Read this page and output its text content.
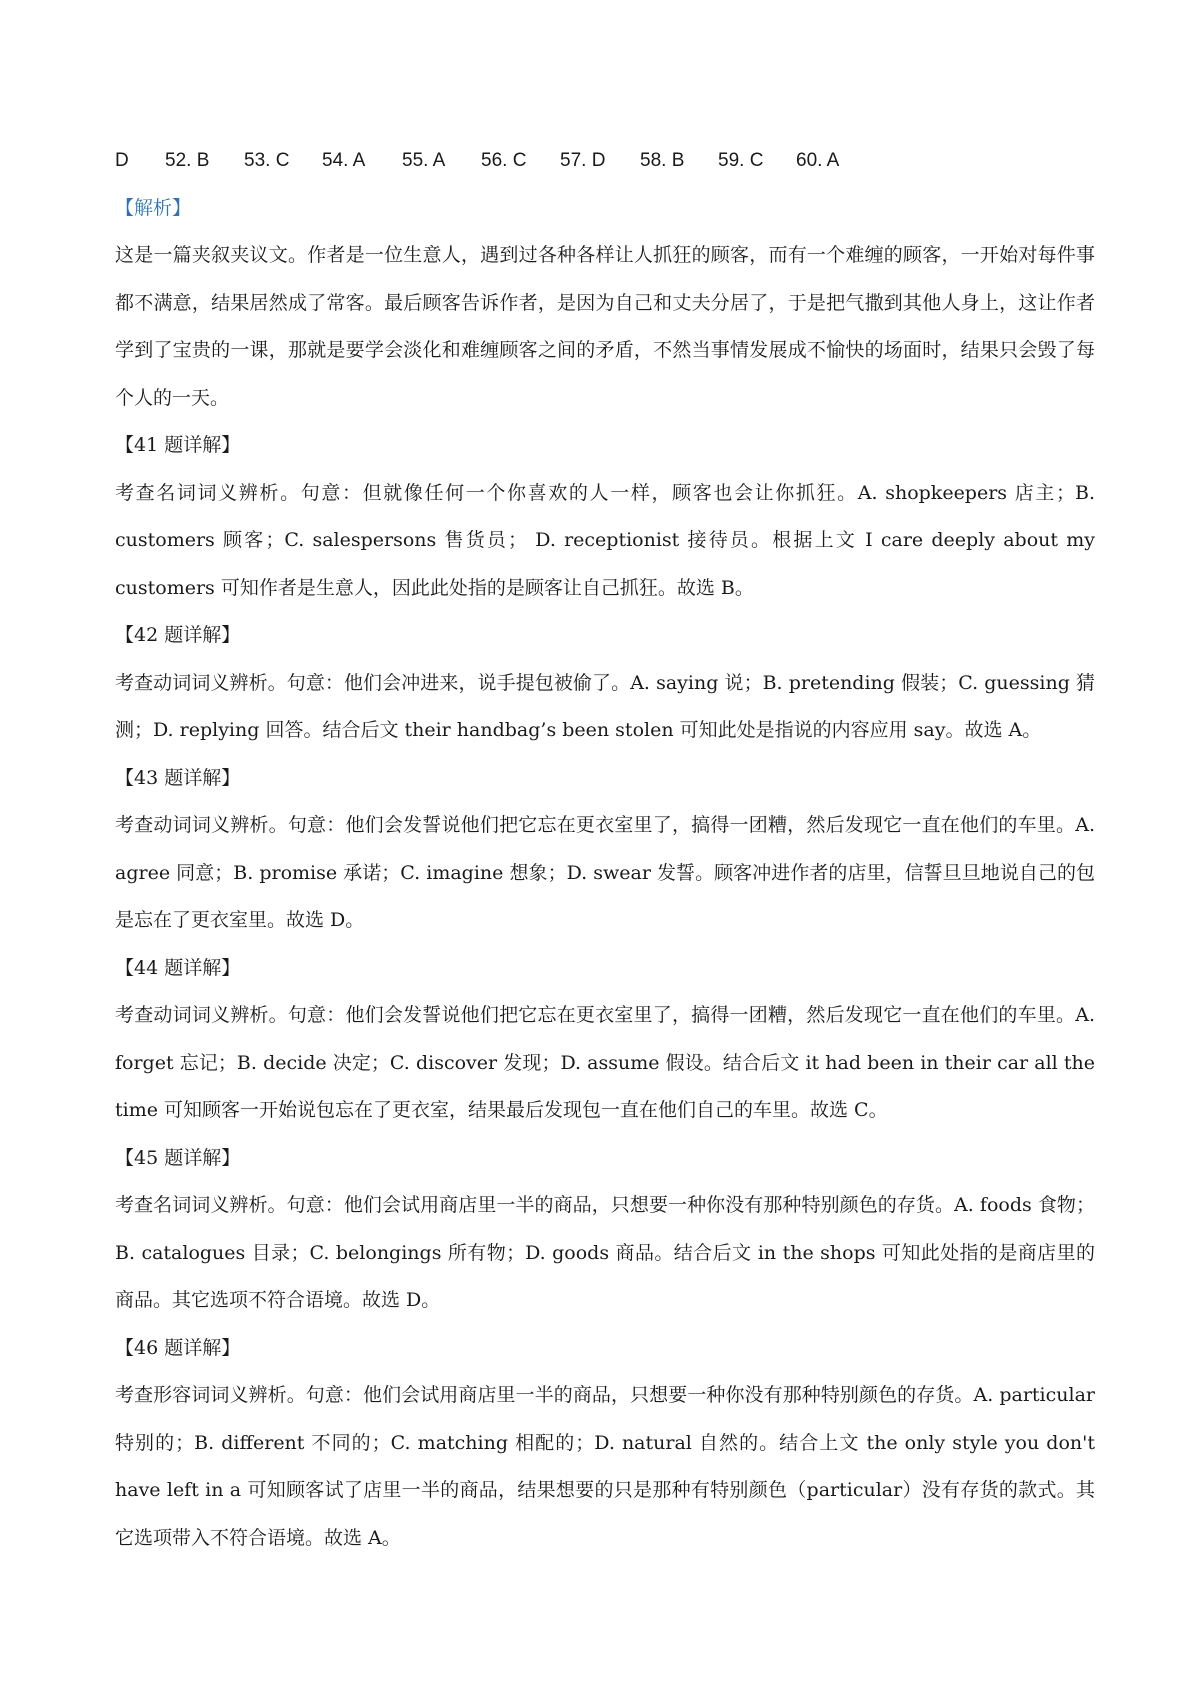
D	52. B	53. C	54. A	55. A	56. C	57. D	58. B	59. C	60. A
【解析】

这是一篇夹叙夹议文。作者是一位生意人，遇到过各种各样让人抓狂的顾客，而有一个难缠的顾客，一开始对每件事都不满意，结果居然成了常客。最后顾客告诉作者，是因为自己和丈夫分居了，于是把气撒到其他人身上，这让作者学到了宝贵的一课，那就是要学会淡化和难缠顾客之间的矛盾，不然当事情发展成不愉快的场面时，结果只会毁了每个人的一天。

【41 题详解】

考查名词词义辨析。句意：但就像任何一个你喜欢的人一样，顾客也会让你抓狂。A. shopkeepers 店主；B. customers 顾客；C. salespersons 售货员； D. receptionist 接待员。根据上文 I care deeply about my customers 可知作者是生意人，因此此处指的是顾客让自己抓狂。故选 B。

【42 题详解】

考查动词词义辨析。句意：他们会冲进来，说手提包被偷了。A. saying 说；B. pretending 假装；C. guessing 猜测；D. replying 回答。结合后文 their handbag’s been stolen 可知此处是指说的内容应用 say。故选 A。

【43 题详解】

考查动词词义辨析。句意：他们会发誓说他们把它忘在更衣室里了，搞得一团糟，然后发现它一直在他们的车里。A. agree 同意；B. promise 承诺；C. imagine 想象；D. swear 发誓。顾客冲进作者的店里，信誓旦旦地说自己的包是忘在了更衣室里。故选 D。

【44 题详解】

考查动词词义辨析。句意：他们会发誓说他们把它忘在更衣室里了，搞得一团糟，然后发现它一直在他们的车里。A. forget 忘记；B. decide 决定；C. discover 发现；D. assume 假设。结合后文 it had been in their car all the time 可知顾客一开始说包忘在了更衣室，结果最后发现包一直在他们自己的车里。故选 C。

【45 题详解】

考查名词词义辨析。句意：他们会试用商店里一半的商品，只想要一种你没有那种特别颜色的存货。A. foods 食物；B. catalogues 目录；C. belongings 所有物；D. goods 商品。结合后文 in the shops 可知此处指的是商店里的商品。其它选项不符合语境。故选 D。

【46 题详解】

考查形容词词义辨析。句意：他们会试用商店里一半的商品，只想要一种你没有那种特别颜色的存货。A. particular 特别的；B. different 不同的；C. matching 相配的；D. natural 自然的。结合上文 the only style you don't have left in a 可知顾客试了店里一半的商品，结果想要的只是那种有特别颜色（particular）没有存货的款式。其它选项带入不符合语境。故选 A。
